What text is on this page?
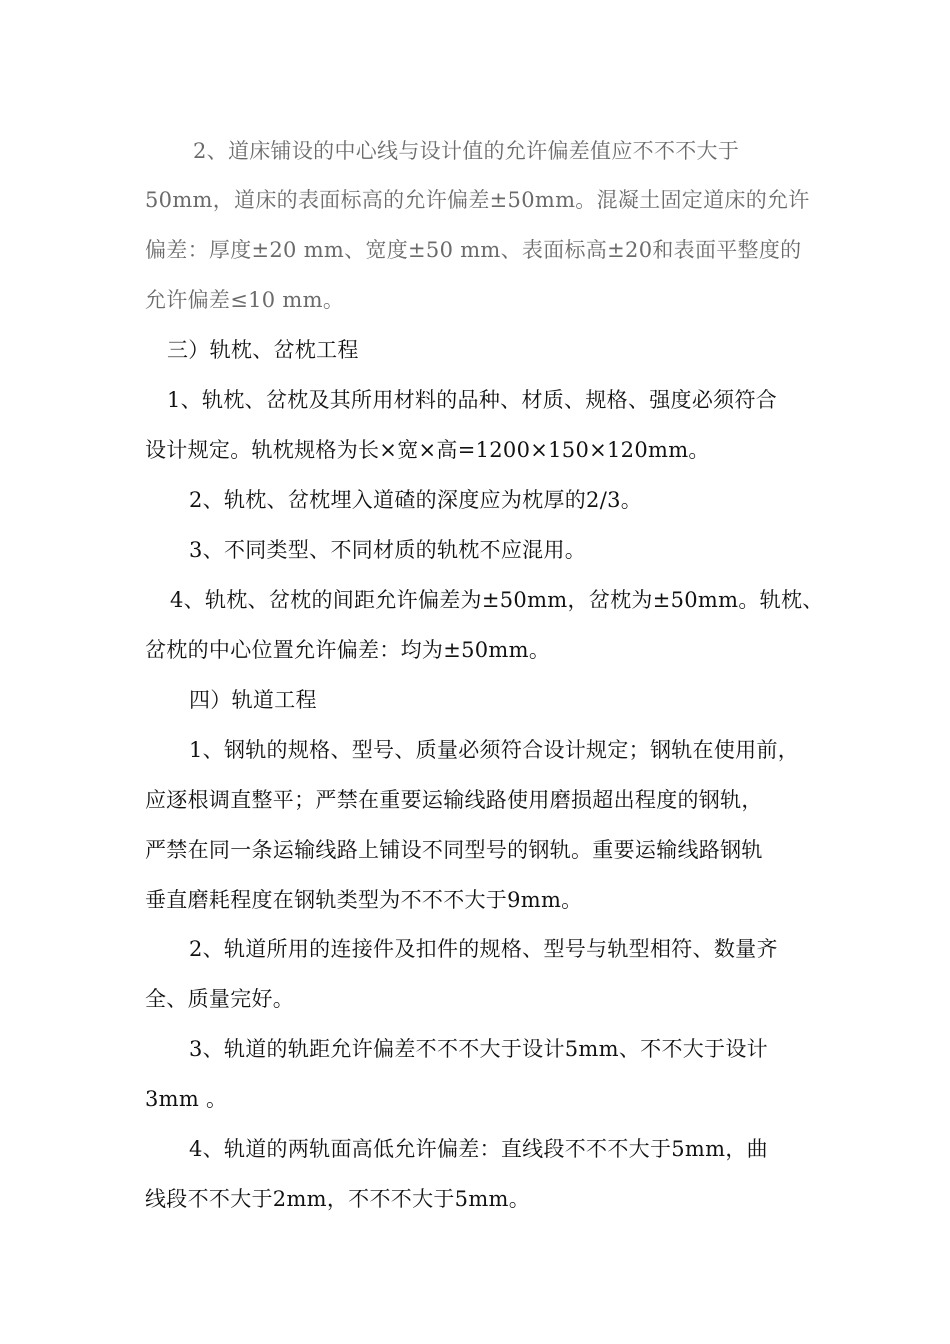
2、道床铺设的中心线与设计值的允许偏差值应不不不大于
50mm，道床的表面标高的允许偏差±50mm。混凝土固定道床的允许
偏差：厚度±20 mm、宽度±50 mm、表面标高±20和表面平整度的
允许偏差≤10 mm。
三）轨枕、岔枕工程
1、轨枕、岔枕及其所用材料的品种、材质、规格、强度必须符合
设计规定。轨枕规格为长×宽×高=1200×150×120mm。
2、轨枕、岔枕埋入道碴的深度应为枕厚的2/3。
3、不同类型、不同材质的轨枕不应混用。
4、轨枕、岔枕的间距允许偏差为±50mm，岔枕为±50mm。轨枕、
岔枕的中心位置允许偏差：均为±50mm。
四）轨道工程
1、钢轨的规格、型号、质量必须符合设计规定；钢轨在使用前，
应逐根调直整平；严禁在重要运输线路使用磨损超出程度的钢轨，
严禁在同一条运输线路上铺设不同型号的钢轨。重要运输线路钢轨
垂直磨耗程度在钢轨类型为不不不大于9mm。
2、轨道所用的连接件及扣件的规格、型号与轨型相符、数量齐
全、质量完好。
3、轨道的轨距允许偏差不不不大于设计5mm、不不大于设计
3mm 。
4、轨道的两轨面高低允许偏差：直线段不不不大于5mm，曲
线段不不大于2mm，不不不大于5mm。
